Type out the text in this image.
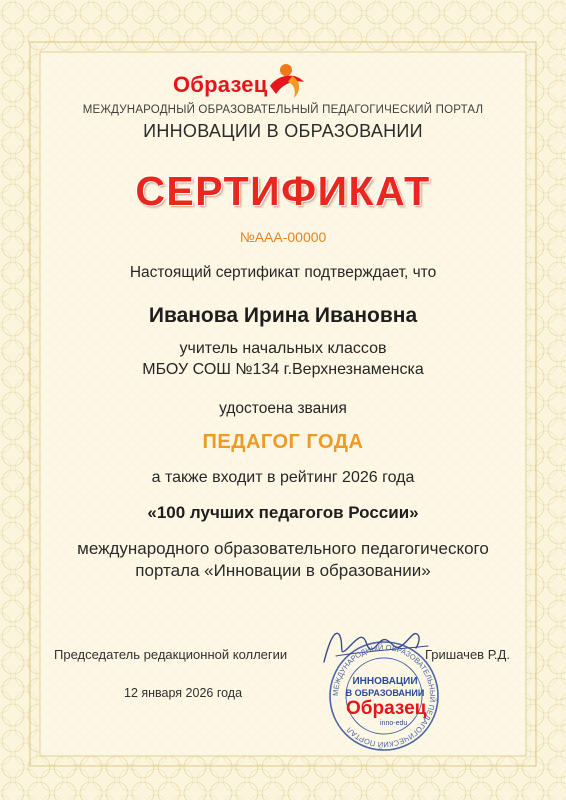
Образец
МЕЖДУНАРОДНЫЙ ОБРАЗОВАТЕЛЬНЫЙ ПЕДАГОГИЧЕСКИЙ ПОРТАЛ
ИННОВАЦИИ В ОБРАЗОВАНИИ
СЕРТИФИКАТ
№ААА-00000
Настоящий сертификат подтверждает, что
Иванова Ирина Ивановна
учитель начальных классов
МБОУ СОШ №134 г.Верхнезнаменска
удостоена звания
ПЕДАГОГ ГОДА
а также входит в рейтинг 2026 года
«100 лучших педагогов России»
международного образовательного педагогического
портала «Инновации в образовании»
МЕЖДУНАРОДНЫЙ ОБРАЗОВАТЕЛЬНЫЙ ПЕДАГОГИЧЕСКИЙ ПОРТАЛ
ИННОВАЦИИ
В ОБРАЗОВАНИИ
Образец
inno-edu
Председатель редакционной коллегии	Гришачев Р.Д.
12 января 2026 года
